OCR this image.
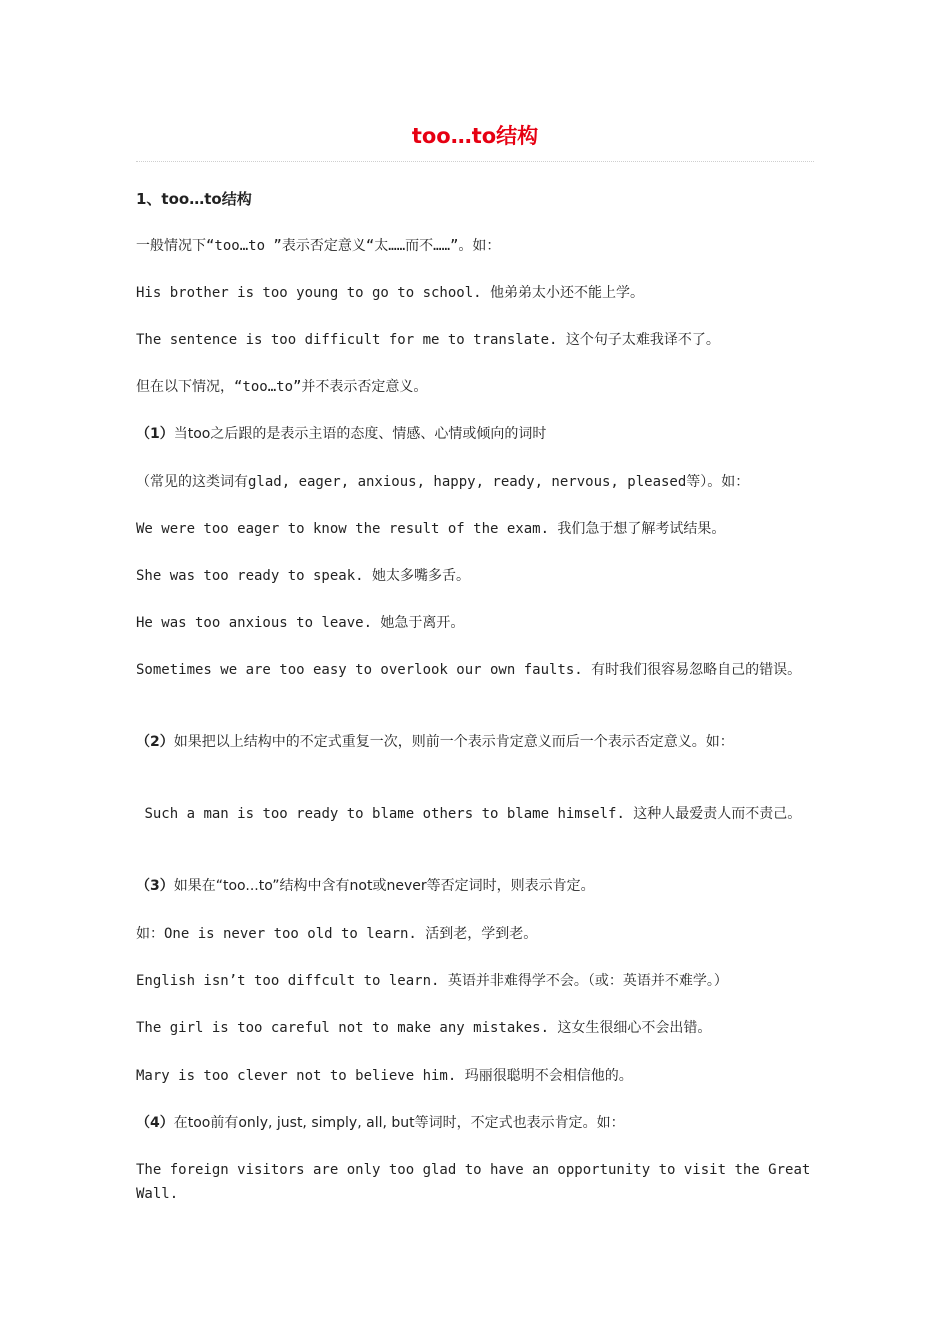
too…to结构

1、too…to结构

一般情况下“too…to ”表示否定意义“太……而不……”。如：

His brother is too young to go to school. 他弟弟太小还不能上学。

The sentence is too difficult for me to translate. 这个句子太难我译不了。

但在以下情况，“too…to”并不表示否定意义。

（1）当too之后跟的是表示主语的态度、情感、心情或倾向的词时

（常见的这类词有glad, eager, anxious, happy, ready, nervous, pleased等）。如：

We were too eager to know the result of the exam. 我们急于想了解考试结果。

She was too ready to speak. 她太多嘴多舌。

He was too anxious to leave. 她急于离开。

Sometimes we are too easy to overlook our own faults. 有时我们很容易忽略自己的错误。

（2）如果把以上结构中的不定式重复一次，则前一个表示肯定意义而后一个表示否定意义。如：

Such a man is too ready to blame others to blame himself. 这种人最爱责人而不责己。

（3）如果在“too...to”结构中含有not或never等否定词时，则表示肯定。

如：One is never too old to learn. 活到老，学到老。

English isn’t too diffcult to learn. 英语并非难得学不会。（或：英语并不难学。）

The girl is too careful not to make any mistakes. 这女生很细心不会出错。

Mary is too clever not to believe him. 玛丽很聪明不会相信他的。

（4）在too前有only, just, simply, all, but等词时，不定式也表示肯定。如：

The foreign visitors are only too glad to have an opportunity to visit the Great Wall.
